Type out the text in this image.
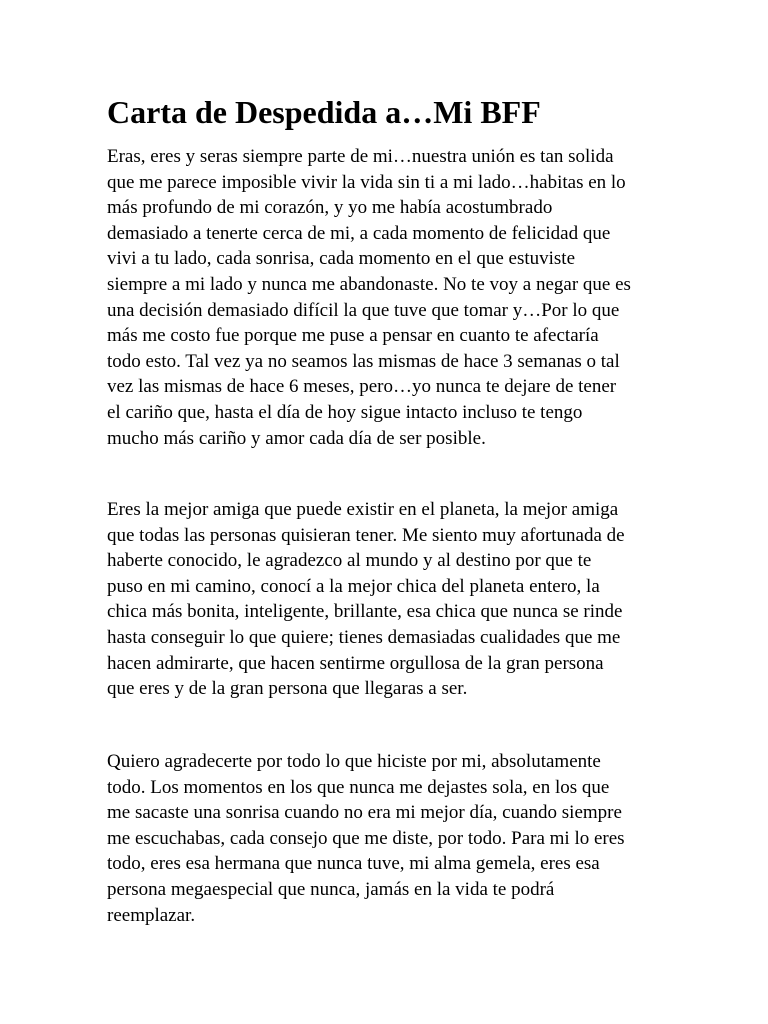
Carta de Despedida a…Mi BFF
Eras, eres y seras siempre parte de mi…nuestra unión es tan solida
que me parece imposible vivir la vida sin ti a mi lado…habitas en lo
más profundo de mi corazón, y yo me había acostumbrado
demasiado a tenerte cerca de mi, a cada momento de felicidad que
vivi a tu lado, cada sonrisa, cada momento en el que estuviste
siempre a mi lado y nunca me abandonaste. No te voy a negar que es
una decisión demasiado difícil la que tuve que tomar y…Por lo que
más me costo fue porque me puse a pensar en cuanto te afectaría
todo esto. Tal vez ya no seamos las mismas de hace 3 semanas o tal
vez las mismas de hace 6 meses, pero…yo nunca te dejare de tener
el cariño que, hasta el día de hoy sigue intacto incluso te tengo
mucho más cariño y amor cada día de ser posible.
Eres la mejor amiga que puede existir en el planeta, la mejor amiga
que todas las personas quisieran tener. Me siento muy afortunada de
haberte conocido, le agradezco al mundo y al destino por que te
puso en mi camino, conocí a la mejor chica del planeta entero, la
chica más bonita, inteligente, brillante, esa chica que nunca se rinde
hasta conseguir lo que quiere; tienes demasiadas cualidades que me
hacen admirarte, que hacen sentirme orgullosa de la gran persona
que eres y de la gran persona que llegaras a ser.
Quiero agradecerte por todo lo que hiciste por mi, absolutamente
todo. Los momentos en los que nunca me dejastes sola, en los que
me sacaste una sonrisa cuando no era mi mejor día, cuando siempre
me escuchabas, cada consejo que me diste, por todo. Para mi lo eres
todo, eres esa hermana que nunca tuve, mi alma gemela, eres esa
persona megaespecial que nunca, jamás en la vida te podrá
reemplazar.
